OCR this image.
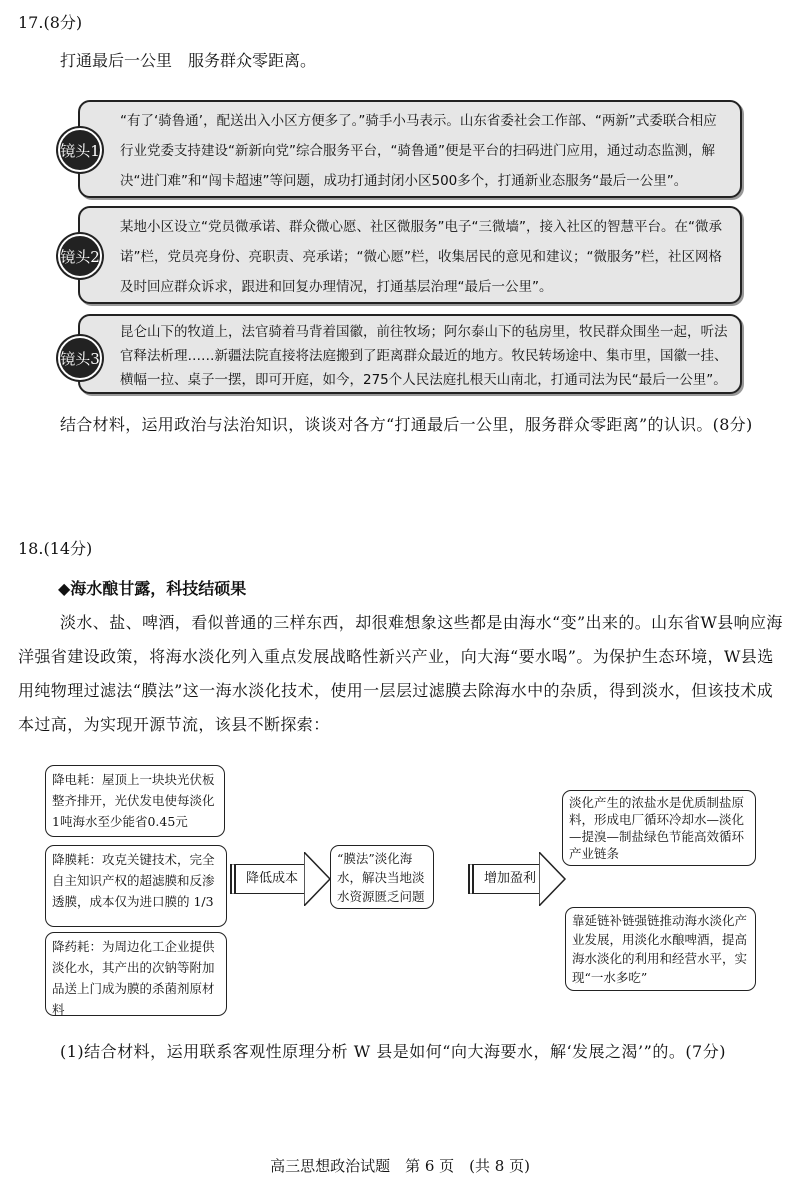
17.(8分)
打通最后一公里　服务群众零距离。
“有了‘骑鲁通’，配送出入小区方便多了。”骑手小马表示。山东省委社会工作部、“两新”式委联合相应行业党委支持建设“新新向党”综合服务平台，“骑鲁通”便是平台的扫码进门应用，通过动态监测，解决“进门难”和“闯卡超速”等问题，成功打通封闭小区500多个，打通新业态服务“最后一公里”。
镜头1
某地小区设立“党员微承诺、群众微心愿、社区微服务”电子“三微墙”，接入社区的智慧平台。在“微承诺”栏，党员亮身份、亮职责、亮承诺；“微心愿”栏，收集居民的意见和建议；“微服务”栏，社区网格及时回应群众诉求，跟进和回复办理情况，打通基层治理“最后一公里”。
镜头2
昆仑山下的牧道上，法官骑着马背着国徽，前往牧场；阿尔泰山下的毡房里，牧民群众围坐一起，听法官释法析理……新疆法院直接将法庭搬到了距离群众最近的地方。牧民转场途中、集市里，国徽一挂、横幅一拉、桌子一摆，即可开庭，如今，275个人民法庭扎根天山南北，打通司法为民“最后一公里”。
镜头3
结合材料，运用政治与法治知识，谈谈对各方“打通最后一公里，服务群众零距离”的认识。(8分)
18.(14分)
◆海水酿甘露，科技结硕果
淡水、盐、啤酒，看似普通的三样东西，却很难想象这些都是由海水“变”出来的。山东省W县响应海洋强省建设政策，将海水淡化列入重点发展战略性新兴产业，向大海“要水喝”。为保护生态环境，W县选用纯物理过滤法“膜法”这一海水淡化技术，使用一层层过滤膜去除海水中的杂质，得到淡水，但该技术成本过高，为实现开源节流，该县不断探索：
降电耗：屋顶上一块块光伏板整齐排开，光伏发电使每淡化1吨海水至少能省0.45元
降膜耗：攻克关键技术，完全自主知识产权的超滤膜和反渗透膜，成本仅为进口膜的 1/3
降药耗：为周边化工企业提供淡化水，其产出的次钠等附加品送上门成为膜的杀菌剂原材料
降低成本
“膜法”淡化海水，解决当地淡水资源匮乏问题
增加盈利
淡化产生的浓盐水是优质制盐原料，形成电厂循环冷却水—淡化—提溴—制盐绿色节能高效循环产业链条
靠延链补链强链推动海水淡化产业发展，用淡化水酿啤酒，提高海水淡化的利用和经营水平，实现“一水多吃”
(1)结合材料，运用联系客观性原理分析 W 县是如何“向大海要水，解‘发展之渴’”的。(7分)
高三思想政治试题　第 6 页　(共 8 页)
